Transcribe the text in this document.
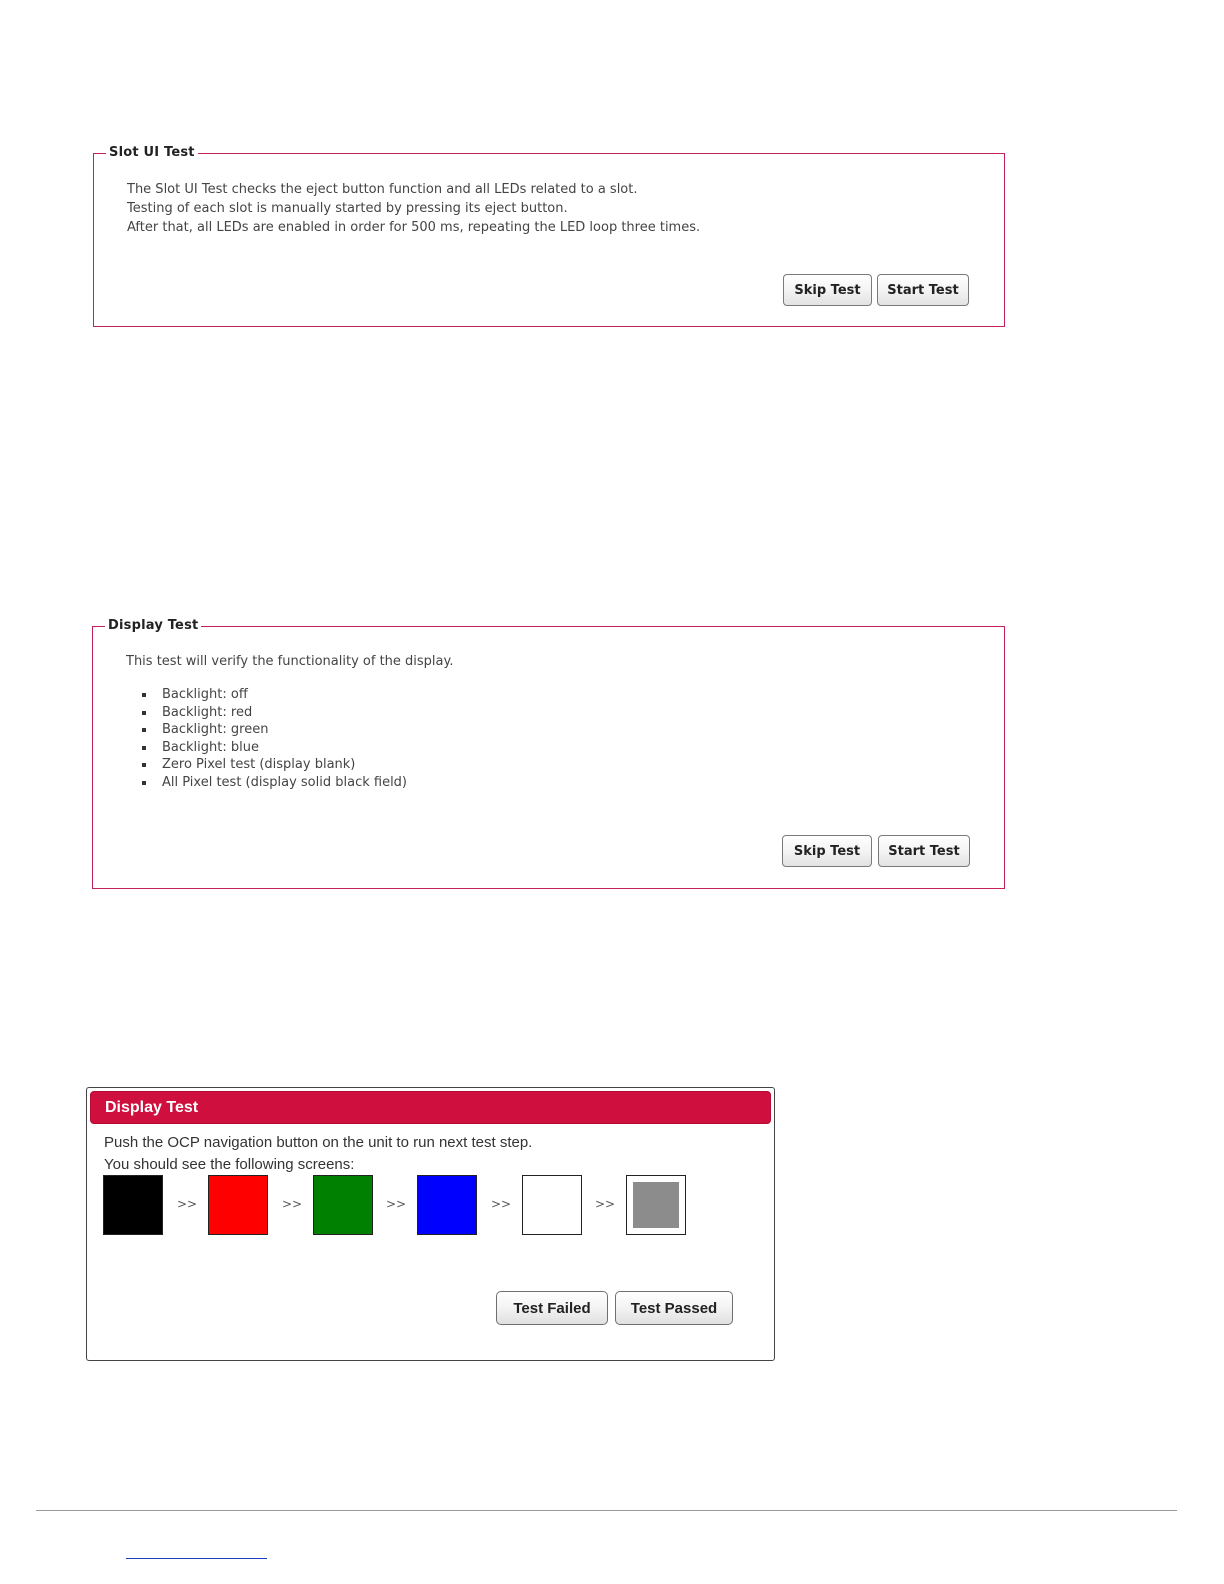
Slot UI Test

The Slot UI Test checks the eject button function and all LEDs related to a slot.

Testing of each slot is manually started by pressing its eject button.

After that, all LEDs are enabled in order for 500 ms, repeating the LED loop three times.

Skip Test	Start Test
Display Test
This test will verify the functionality of the display.
Backlight: off
Backlight: red
Backlight: green
Backlight: blue
Zero Pixel test (display blank)
All Pixel test (display solid black field)
Skip Test	Start Test
Display Test
Push the OCP navigation button on the unit to run next test step.
You should see the following screens:
>>	>>	>>	>>	>>
Test Failed	Test Passed
